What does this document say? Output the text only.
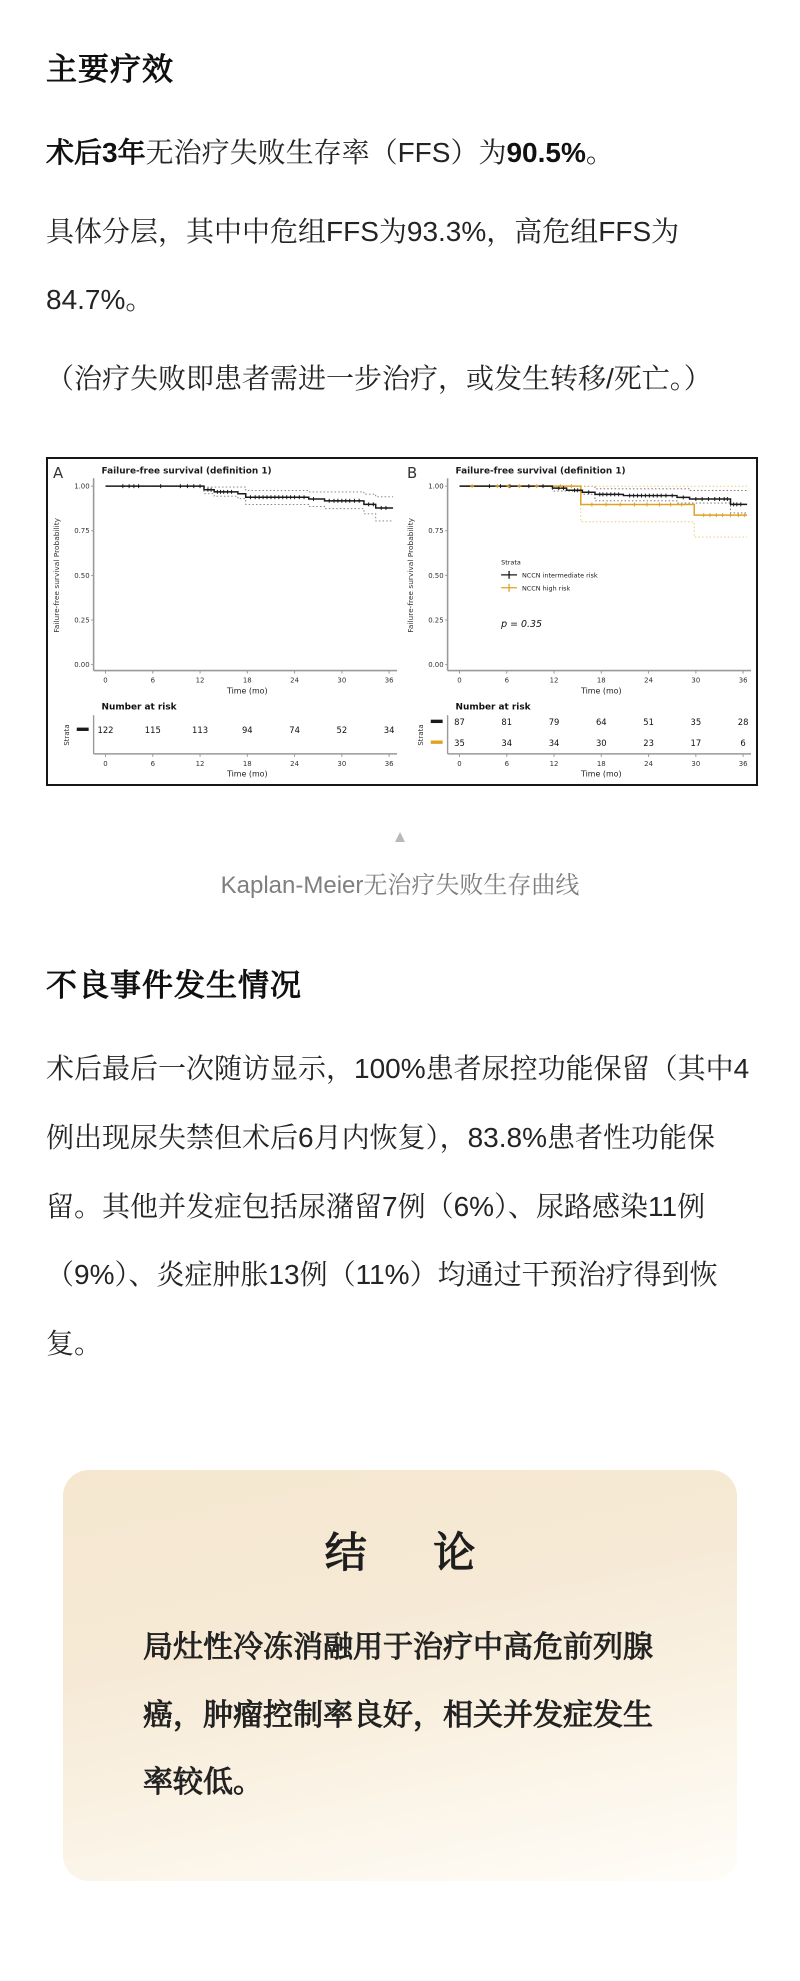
主要疗效

术后3年无治疗失败生存率（FFS）为90.5%。

具体分层，其中中危组FFS为93.3%，高危组FFS为84.7%。

（治疗失败即患者需进一步治疗，或发生转移/死亡。）

A	Failure-free survival (definition 1)
1.00
0.75
0.50
0.25
0.00
Failure-free survival Probability
0	6	12	18	24	30	36
Time (mo)
Number at risk
Strata	122	115	113	94	74	52	34
0	6	12	18	24	30	36
Time (mo)
B	Failure-free survival (definition 1)
1.00
0.75
0.50
0.25
0.00
Failure-free survival Probability
0	6	12	18	24	30	36
Time (mo)
Strata
NCCN intermediate risk
NCCN high risk
p = 0.35
Number at risk
Strata
87	81	79	64	51	35	28
35	34	34	30	23	17	6
0	6	12	18	24	30	36
Time (mo)
▲
Kaplan-Meier无治疗失败生存曲线
不良事件发生情况

术后最后一次随访显示，100%患者尿控功能保留（其中4例出现尿失禁但术后6月内恢复），83.8%患者性功能保留。其他并发症包括尿潴留7例（6%）、尿路感染11例（9%）、炎症肿胀13例（11%）均通过干预治疗得到恢复。

结 论

局灶性冷冻消融用于治疗中高危前列腺癌，肿瘤控制率良好，相关并发症发生率较低。
